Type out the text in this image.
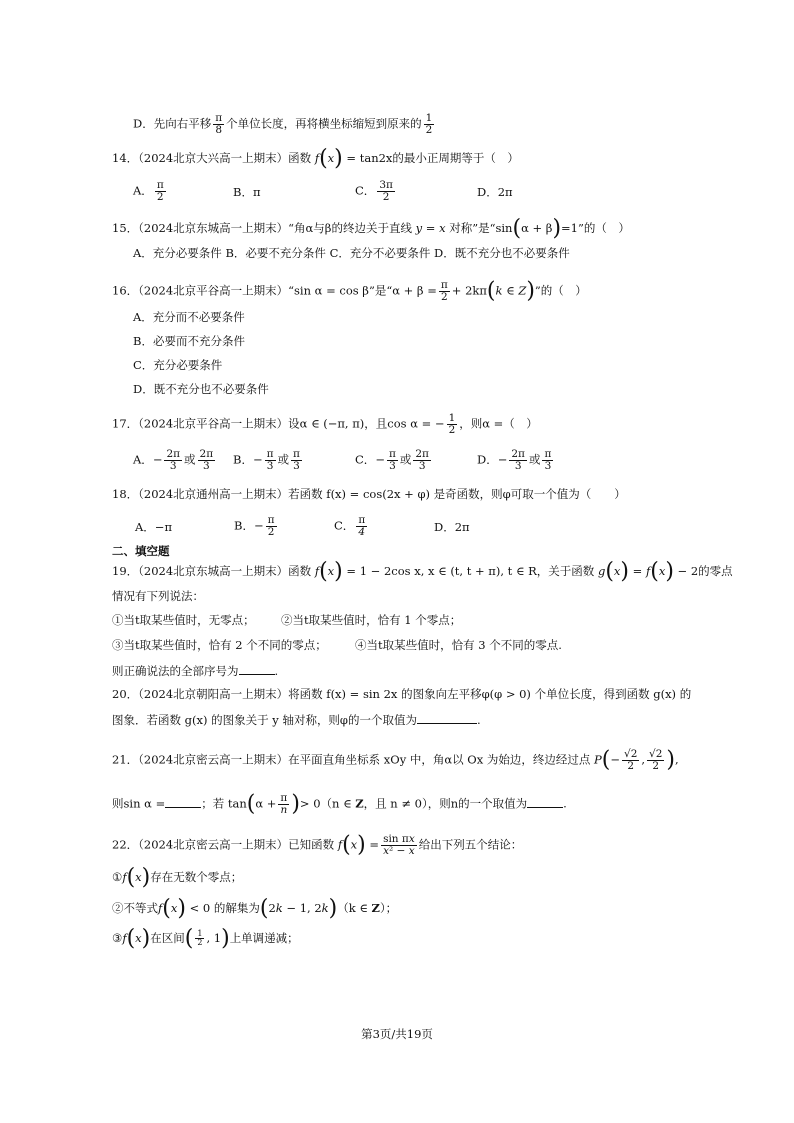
D．先向右平移 $\frac{\pi}{8}$ 个单位长度，再将横坐标缩短到原来的 $\frac{1}{2}$
14．（2024北京大兴高一上期末）函数 f(x) = tan2x的最小正周期等于（　）
A． $\frac{\pi}{2}$	B．π	C． $\frac{3\pi}{2}$	D．2π
15．（2024北京东城高一上期末）“角α与β的终边关于直线 y = x 对称”是“sin(α + β)=1”的（　）
A．充分必要条件 B．必要不充分条件 C．充分不必要条件 D．既不充分也不必要条件
16．（2024北京平谷高一上期末）“sin α = cos β”是“$\alpha + \beta = \frac{\pi}{2} + 2k\pi(k$ ∈ Z)”的（　）
A．充分而不必要条件
B．必要而不充分条件
C．充分必要条件
D．既不充分也不必要条件
17．（2024北京平谷高一上期末）设α ∈ (−π, π)，且cos α = − $\frac{1}{2}$ ，则α =（　）
A．− $\frac{2\pi}{3}$ 或 $\frac{2\pi}{3}$ B．− $\frac{\pi}{3}$ 或 $\frac{\pi}{3}$	C．− $\frac{\pi}{3}$ 或 $\frac{2\pi}{3}$	D．− $\frac{2\pi}{3}$ 或 $\frac{\pi}{3}$
18．（2024北京通州高一上期末）若函数 f(x) = cos(2x + φ) 是奇函数，则φ可取一个值为（　　）
A．−π	B．− $\frac{\pi}{2}$	C． $\frac{\pi}{4}$	D．2π
二、填空题
19．（2024北京东城高一上期末）函数 f(x) = 1 − 2cos x, x ∈ (t, t + π), t ∈ R，关于函数 g(x) = f(x) − 2的零点
情况有下列说法：
①当t取某些值时，无零点； ②当t取某些值时，恰有 1 个零点；
③当t取某些值时，恰有 2 个不同的零点； ④当t取某些值时，恰有 3 个不同的零点.
则正确说法的全部序号为	.
20．（2024北京朝阳高一上期末）将函数 f(x) = sin 2x 的图象向左平移φ(φ > 0) 个单位长度，得到函数 g(x) 的
图象．若函数 g(x) 的图象关于 y 轴对称，则φ的一个取值为	.
21．（2024北京密云高一上期末）在平面直角坐标系 xOy 中，角α以 Ox 为始边，终边经过点 $P(- \frac{√2}{2}$ , $\frac{√2}{2}$ ),
则sin α =	；若 $\tan(\alpha + \frac{\pi}{n}$ )> 0（n ∈ Z，且 n ≠ 0），则n的一个取值为	.
22．（2024北京密云高一上期末）已知函数 $f(x) = \frac{\text{sin πx}}{\text{x² − x}}$ 给出下列五个结论：
①f(x)存在无数个零点；
②不等式f(x) < 0 的解集为(2k − 1, 2k)（k ∈ Z）；
③f(x)在区间( $\frac{1}{2}$ , 1)上单调递减；
第3页/共19页
